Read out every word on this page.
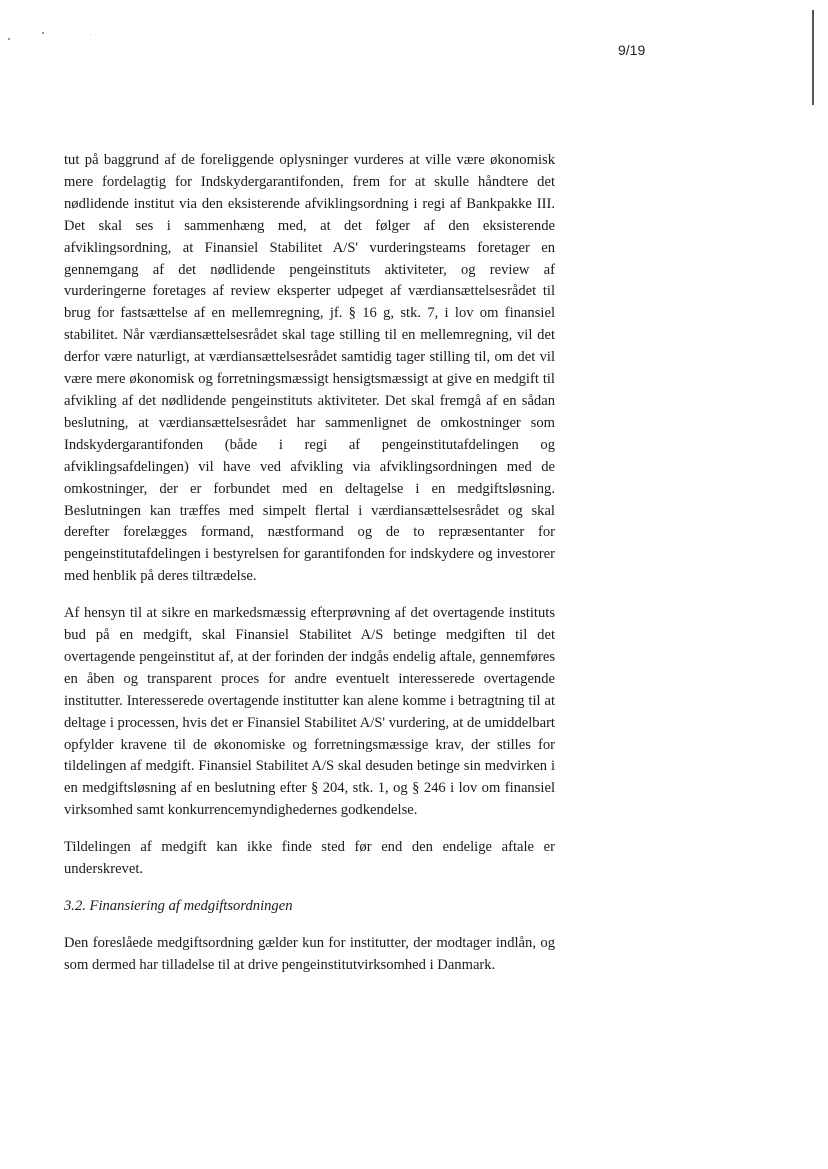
9/19

tut på baggrund af de foreliggende oplysninger vurderes at ville være økonomisk mere fordelagtig for Indskydergarantifonden, frem for at skulle håndtere det nødlidende institut via den eksisterende afviklingsordning i regi af Bankpakke III. Det skal ses i sammenhæng med, at det følger af den eksisterende afviklingsordning, at Finansiel Stabilitet A/S' vurderingsteams foretager en gennemgang af det nødlidende pengeinstituts aktiviteter, og review af vurderingerne foretages af review eksperter udpeget af værdiansættelsesrådet til brug for fastsættelse af en mellemregning, jf. § 16 g, stk. 7, i lov om finansiel stabilitet. Når værdiansættelsesrådet skal tage stilling til en mellemregning, vil det derfor være naturligt, at værdiansættelsesrådet samtidig tager stilling til, om det vil være mere økonomisk og forretningsmæssigt hensigtsmæssigt at give en medgift til afvikling af det nødlidende pengeinstituts aktiviteter. Det skal fremgå af en sådan beslutning, at værdiansættelsesrådet har sammenlignet de omkostninger som Indskydergarantifonden (både i regi af pengeinstitutafdelingen og afviklingsafdelingen) vil have ved afvikling via afviklingsordningen med de omkostninger, der er forbundet med en deltagelse i en medgiftsløsning. Beslutningen kan træffes med simpelt flertal i værdiansættelsesrådet og skal derefter forelægges formand, næstformand og de to repræsentanter for pengeinstitutafdelingen i bestyrelsen for garantifonden for indskydere og investorer med henblik på deres tiltrædelse.

Af hensyn til at sikre en markedsmæssig efterprøvning af det overtagende instituts bud på en medgift, skal Finansiel Stabilitet A/S betinge medgiften til det overtagende pengeinstitut af, at der forinden der indgås endelig aftale, gennemføres en åben og transparent proces for andre eventuelt interesserede overtagende institutter. Interesserede overtagende institutter kan alene komme i betragtning til at deltage i processen, hvis det er Finansiel Stabilitet A/S' vurdering, at de umiddelbart opfylder kravene til de økonomiske og forretningsmæssige krav, der stilles for tildelingen af medgift. Finansiel Stabilitet A/S skal desuden betinge sin medvirken i en medgiftsløsning af en beslutning efter § 204, stk. 1, og § 246 i lov om finansiel virksomhed samt konkurrencemyndighedernes godkendelse.

Tildelingen af medgift kan ikke finde sted før end den endelige aftale er underskrevet.

3.2. Finansiering af medgiftsordningen

Den foreslåede medgiftsordning gælder kun for institutter, der modtager indlån, og som dermed har tilladelse til at drive pengeinstitutvirksomhed i Danmark.
